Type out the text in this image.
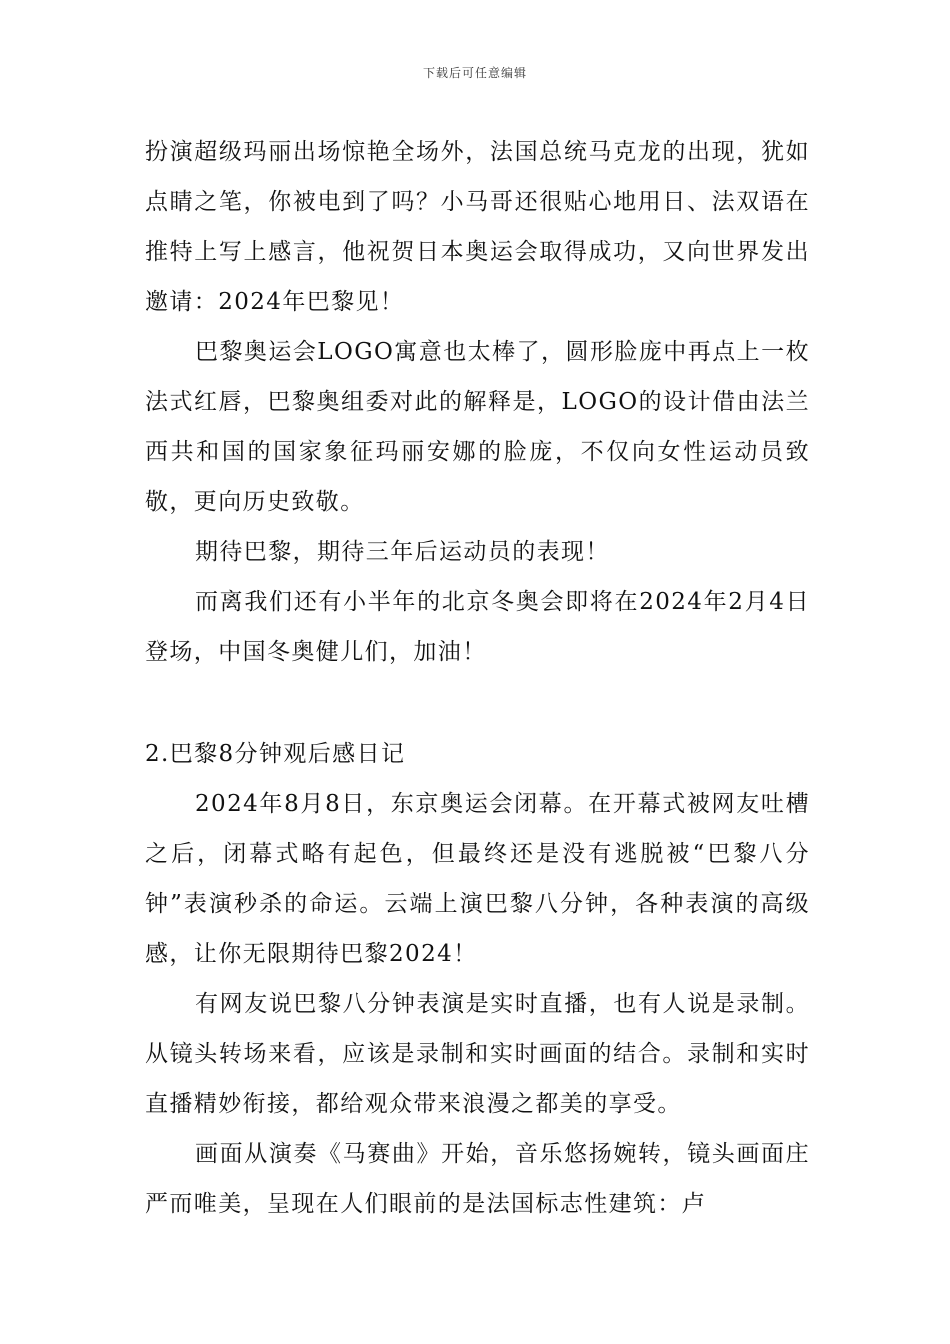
下载后可任意编辑

扮演超级玛丽出场惊艳全场外，法国总统马克龙的出现，犹如点睛之笔，你被电到了吗？小马哥还很贴心地用日、法双语在推特上写上感言，他祝贺日本奥运会取得成功，又向世界发出邀请：2024年巴黎见！

巴黎奥运会LOGO寓意也太棒了，圆形脸庞中再点上一枚法式红唇，巴黎奥组委对此的解释是，LOGO的设计借由法兰西共和国的国家象征玛丽安娜的脸庞，不仅向女性运动员致敬，更向历史致敬。

期待巴黎，期待三年后运动员的表现！

而离我们还有小半年的北京冬奥会即将在2024年2月4日登场，中国冬奥健儿们，加油！

2.巴黎8分钟观后感日记

2024年8月8日，东京奥运会闭幕。在开幕式被网友吐槽之后，闭幕式略有起色，但最终还是没有逃脱被“巴黎八分钟”表演秒杀的命运。云端上演巴黎八分钟，各种表演的高级感，让你无限期待巴黎2024！

有网友说巴黎八分钟表演是实时直播，也有人说是录制。从镜头转场来看，应该是录制和实时画面的结合。录制和实时直播精妙衔接，都给观众带来浪漫之都美的享受。

画面从演奏《马赛曲》开始，音乐悠扬婉转，镜头画面庄严而唯美，呈现在人们眼前的是法国标志性建筑：卢
